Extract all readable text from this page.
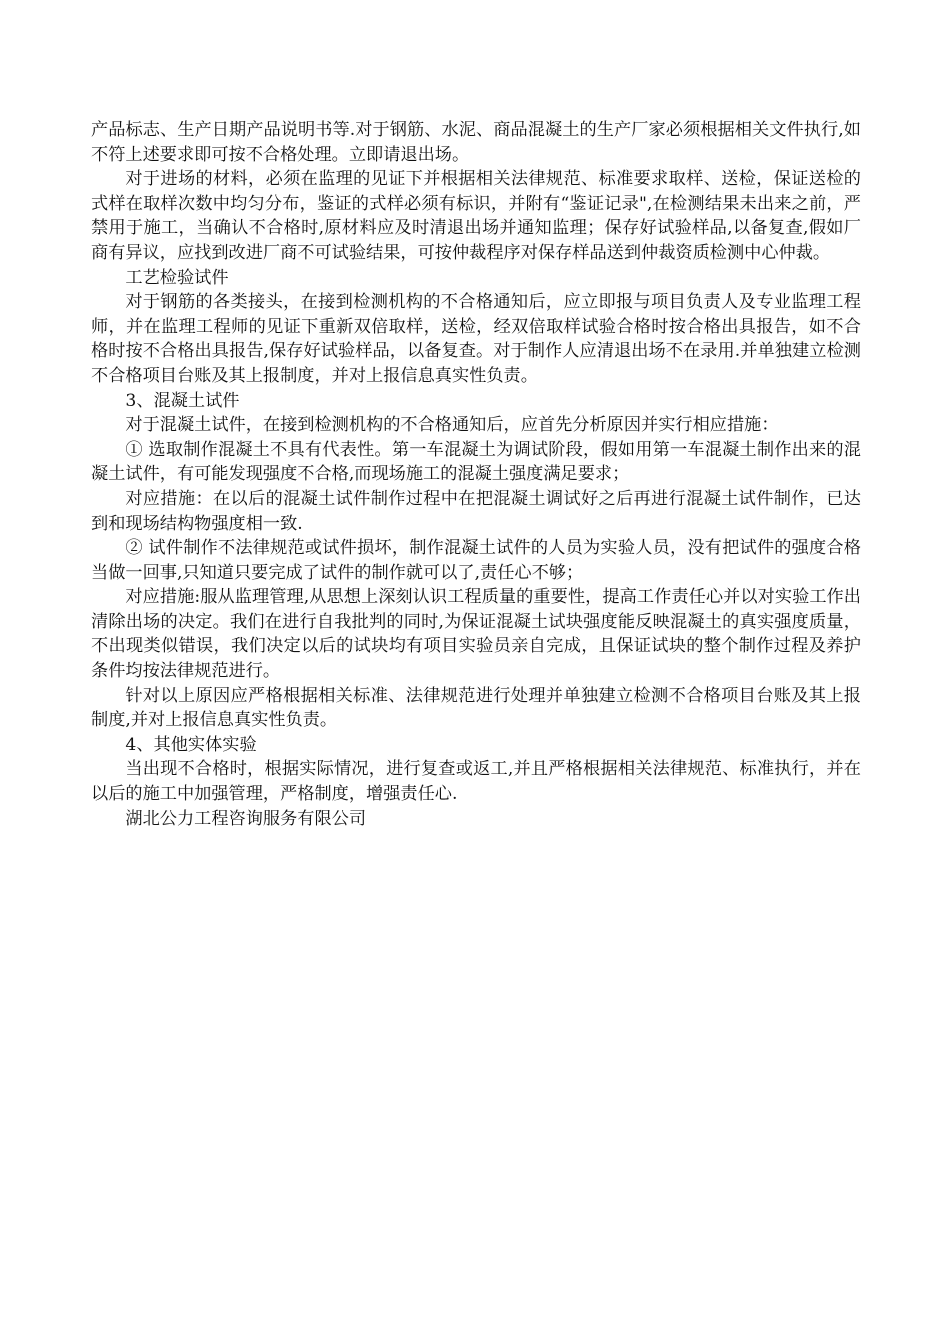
产品标志、生产日期产品说明书等.对于钢筋、水泥、商品混凝土的生产厂家必须根据相关文件执行,如不符上述要求即可按不合格处理。立即请退出场。

对于进场的材料，必须在监理的见证下并根据相关法律规范、标准要求取样、送检，保证送检的式样在取样次数中均匀分布，鉴证的式样必须有标识，并附有“鉴证记录",在检测结果未出来之前，严禁用于施工，当确认不合格时,原材料应及时清退出场并通知监理；保存好试验样品,以备复查,假如厂商有异议，应找到改进厂商不可试验结果，可按仲裁程序对保存样品送到仲裁资质检测中心仲裁。

工艺检验试件

对于钢筋的各类接头，在接到检测机构的不合格通知后，应立即报与项目负责人及专业监理工程师，并在监理工程师的见证下重新双倍取样，送检，经双倍取样试验合格时按合格出具报告，如不合格时按不合格出具报告,保存好试验样品，以备复查。对于制作人应清退出场不在录用.并单独建立检测不合格项目台账及其上报制度，并对上报信息真实性负责。

3、混凝土试件

对于混凝土试件，在接到检测机构的不合格通知后，应首先分析原因并实行相应措施：

① 选取制作混凝土不具有代表性。第一车混凝土为调试阶段，假如用第一车混凝土制作出来的混凝土试件，有可能发现强度不合格,而现场施工的混凝土强度满足要求；

对应措施：在以后的混凝土试件制作过程中在把混凝土调试好之后再进行混凝土试件制作，已达到和现场结构物强度相一致.

② 试件制作不法律规范或试件损坏，制作混凝土试件的人员为实验人员，没有把试件的强度合格当做一回事,只知道只要完成了试件的制作就可以了,责任心不够；

对应措施:服从监理管理,从思想上深刻认识工程质量的重要性，提高工作责任心并以对实验工作出清除出场的决定。我们在进行自我批判的同时,为保证混凝土试块强度能反映混凝土的真实强度质量，不出现类似错误，我们决定以后的试块均有项目实验员亲自完成，且保证试块的整个制作过程及养护条件均按法律规范进行。

针对以上原因应严格根据相关标准、法律规范进行处理并单独建立检测不合格项目台账及其上报制度,并对上报信息真实性负责。

4、其他实体实验

当出现不合格时，根据实际情况，进行复查或返工,并且严格根据相关法律规范、标准执行，并在以后的施工中加强管理，严格制度，增强责任心.

湖北公力工程咨询服务有限公司
